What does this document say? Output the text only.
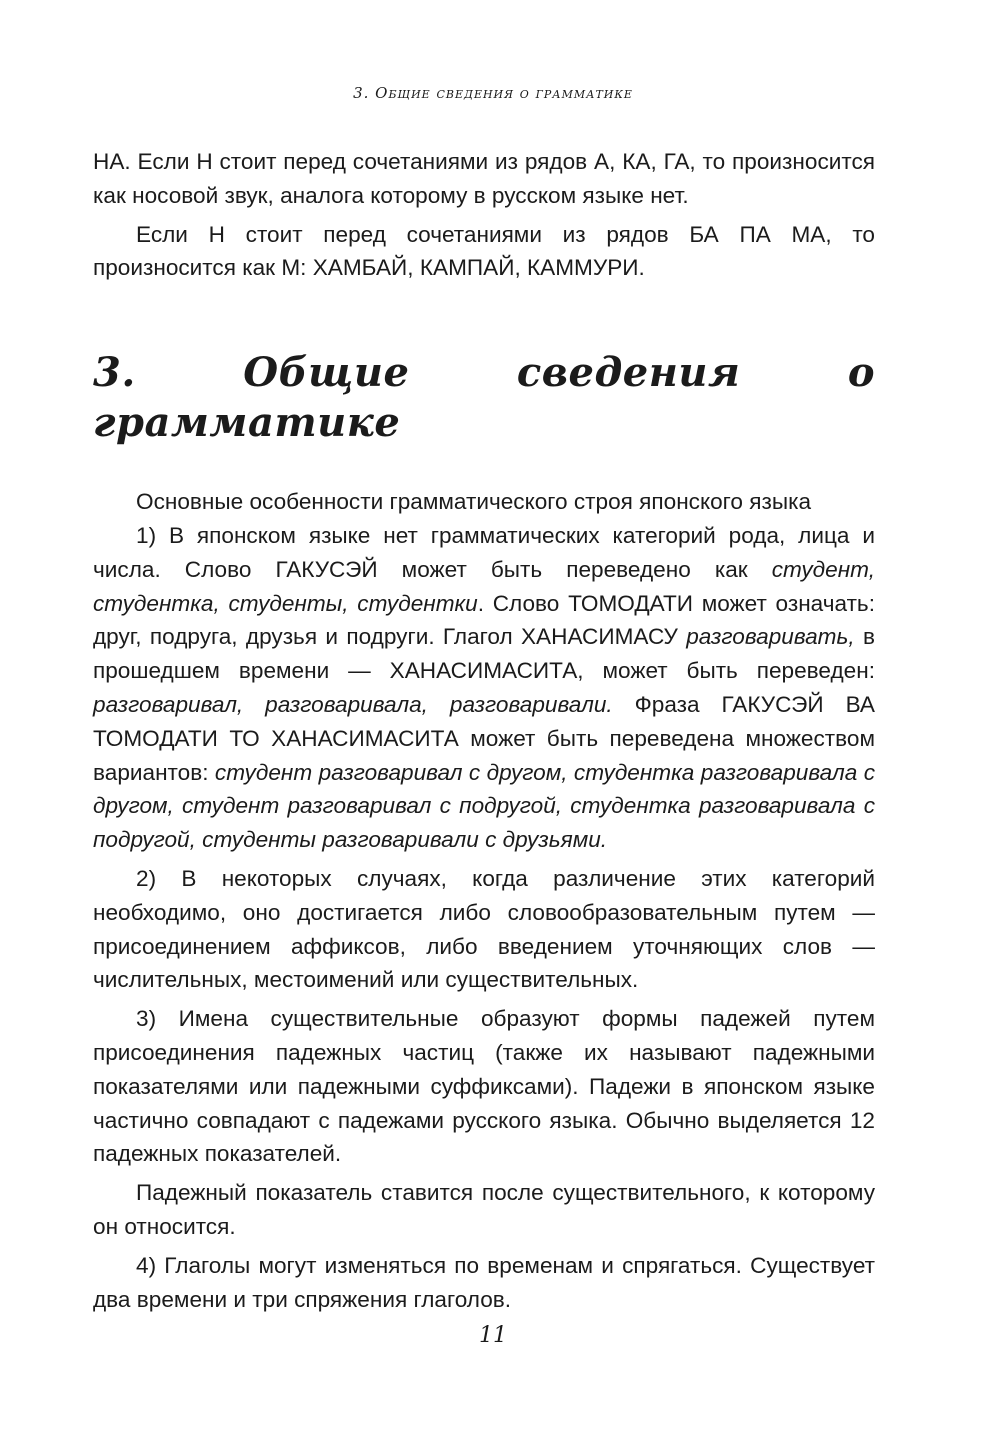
3. Общие сведения о грамматике

НА. Если Н стоит перед сочетаниями из рядов А, КА, ГА, то произносится как носовой звук, аналога которому в русском языке нет.

Если Н стоит перед сочетаниями из рядов БА ПА МА, то произносится как М: ХАМБАЙ, КАМПАЙ, КАММУРИ.

3. Общие сведения о грамматике

Основные особенности грамматического строя японского языка

1) В японском языке нет грамматических категорий рода, лица и числа. Слово ГАКУСЭЙ может быть переведено как студент, студентка, студенты, студентки. Слово ТОМОДАТИ может означать: друг, подруга, друзья и подруги. Глагол ХАНАСИМАСУ разговаривать, в прошедшем времени — ХАНАСИМАСИТА, может быть переведен: разговаривал, разговаривала, разговаривали. Фраза ГАКУСЭЙ ВА ТОМОДАТИ ТО ХАНАСИМАСИТА может быть переведена множеством вариантов: студент разговаривал с другом, студентка разговаривала с другом, студент разговаривал с подругой, студентка разговаривала с подругой, студенты разговаривали с друзьями.

2) В некоторых случаях, когда различение этих категорий необходимо, оно достигается либо словообразовательным путем — присоединением аффиксов, либо введением уточняющих слов — числительных, местоимений или существительных.

3) Имена существительные образуют формы падежей путем присоединения падежных частиц (также их называют падежными показателями или падежными суффиксами). Падежи в японском языке частично совпадают с падежами русского языка. Обычно выделяется 12 падежных показателей.

Падежный показатель ставится после существительного, к которому он относится.

4) Глаголы могут изменяться по временам и спрягаться. Существует два времени и три спряжения глаголов.

11
